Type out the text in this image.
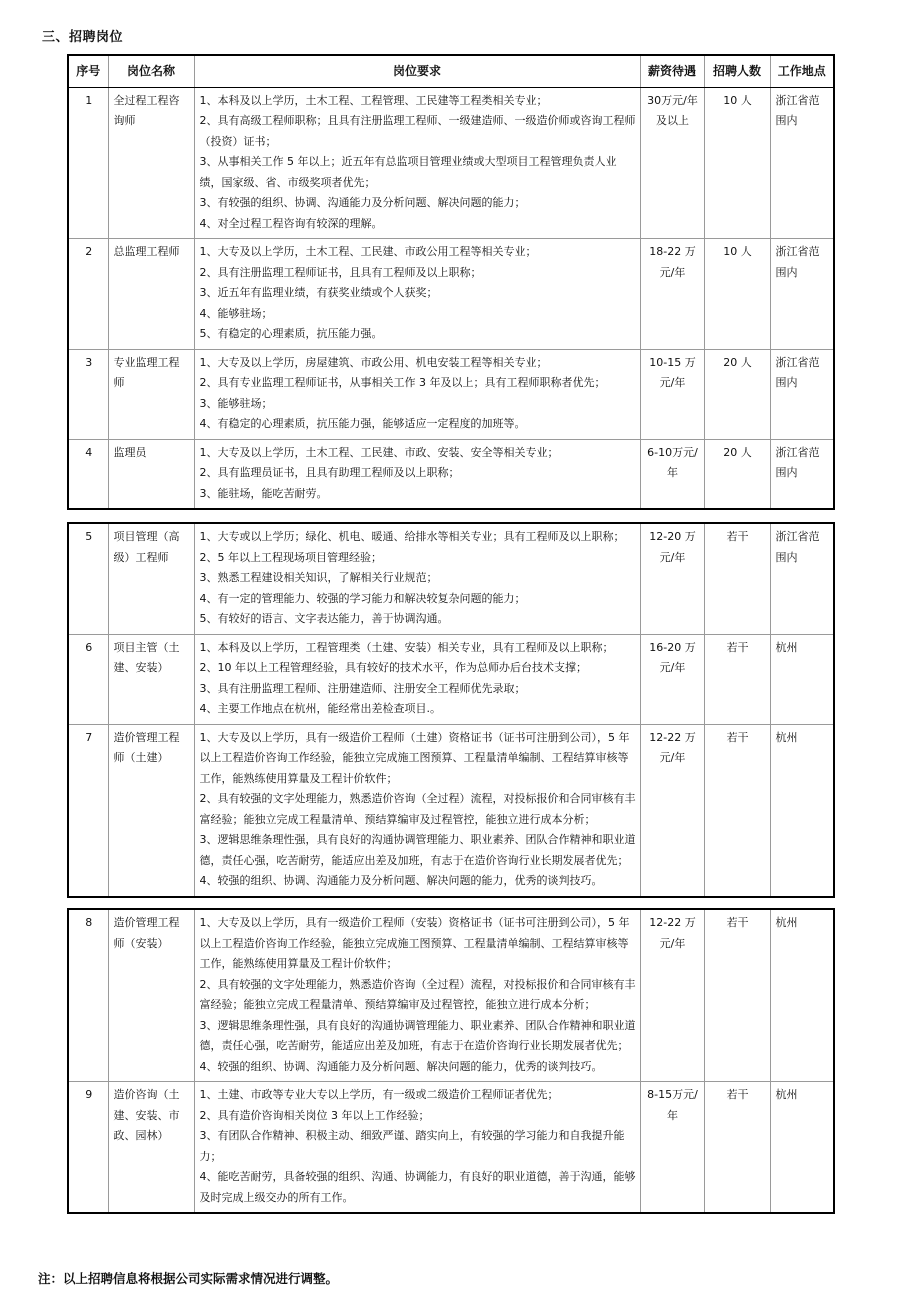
三、招聘岗位
序号	岗位名称	岗位要求	薪资待遇	招聘人数	工作地点
1	全过程工程咨询师	1、本科及以上学历，土木工程、工程管理、工民建等工程类相关专业；
2、具有高级工程师职称；且具有注册监理工程师、一级建造师、一级造价师或咨询工程师（投资）证书；
3、从事相关工作 5 年以上；近五年有总监项目管理业绩或大型项目工程管理负责人业绩，国家级、省、市级奖项者优先；
3、有较强的组织、协调、沟通能力及分析问题、解决问题的能力；
4、对全过程工程咨询有较深的理解。	30万元/年及以上	10 人	浙江省范围内
2	总监理工程师	1、大专及以上学历，土木工程、工民建、市政公用工程等相关专业；
2、具有注册监理工程师证书，且具有工程师及以上职称；
3、近五年有监理业绩，有获奖业绩或个人获奖；
4、能够驻场；
5、有稳定的心理素质，抗压能力强。	18-22 万元/年	10 人	浙江省范围内
3	专业监理工程师	1、大专及以上学历，房屋建筑、市政公用、机电安装工程等相关专业；
2、具有专业监理工程师证书，从事相关工作 3 年及以上；具有工程师职称者优先；
3、能够驻场；
4、有稳定的心理素质，抗压能力强，能够适应一定程度的加班等。	10-15 万元/年	20 人	浙江省范围内
4	监理员	1、大专及以上学历，土木工程、工民建、市政、安装、安全等相关专业；
2、具有监理员证书，且具有助理工程师及以上职称；
3、能驻场，能吃苦耐劳。	6-10万元/年	20 人	浙江省范围内
5	项目管理（高级）工程师	1、大专或以上学历；绿化、机电、暖通、给排水等相关专业；具有工程师及以上职称；
2、5 年以上工程现场项目管理经验；
3、熟悉工程建设相关知识，了解相关行业规范；
4、有一定的管理能力、较强的学习能力和解决较复杂问题的能力；
5、有较好的语言、文字表达能力，善于协调沟通。	12-20 万元/年	若干	浙江省范围内
6	项目主管（土建、安装）	1、本科及以上学历，工程管理类（土建、安装）相关专业，具有工程师及以上职称；
2、10 年以上工程管理经验，具有较好的技术水平，作为总师办后台技术支撑；
3、具有注册监理工程师、注册建造师、注册安全工程师优先录取；
4、主要工作地点在杭州，能经常出差检查项目.。	16-20 万元/年	若干	杭州
7	造价管理工程师（土建）	1、大专及以上学历，具有一级造价工程师（土建）资格证书（证书可注册到公司），5 年以上工程造价咨询工作经验，能独立完成施工图预算、工程量清单编制、工程结算审核等工作，能熟练使用算量及工程计价软件；
2、具有较强的文字处理能力，熟悉造价咨询（全过程）流程，对投标报价和合同审核有丰富经验；能独立完成工程量清单、预结算编审及过程管控，能独立进行成本分析；
3、逻辑思维条理性强，具有良好的沟通协调管理能力、职业素养、团队合作精神和职业道德，责任心强，吃苦耐劳，能适应出差及加班，有志于在造价咨询行业长期发展者优先；
4、较强的组织、协调、沟通能力及分析问题、解决问题的能力，优秀的谈判技巧。	12-22 万元/年	若干	杭州
8	造价管理工程师（安装）	1、大专及以上学历，具有一级造价工程师（安装）资格证书（证书可注册到公司），5 年以上工程造价咨询工作经验，能独立完成施工图预算、工程量清单编制、工程结算审核等工作，能熟练使用算量及工程计价软件；
2、具有较强的文字处理能力，熟悉造价咨询（全过程）流程，对投标报价和合同审核有丰富经验；能独立完成工程量清单、预结算编审及过程管控，能独立进行成本分析；
3、逻辑思维条理性强，具有良好的沟通协调管理能力、职业素养、团队合作精神和职业道德，责任心强，吃苦耐劳，能适应出差及加班，有志于在造价咨询行业长期发展者优先；
4、较强的组织、协调、沟通能力及分析问题、解决问题的能力，优秀的谈判技巧。	12-22 万元/年	若干	杭州
9	造价咨询（土建、安装、市政、园林）	1、土建、市政等专业大专以上学历，有一级或二级造价工程师证者优先；
2、具有造价咨询相关岗位 3 年以上工作经验；
3、有团队合作精神、积极主动、细致严谨、踏实向上，有较强的学习能力和自我提升能力；
4、能吃苦耐劳，具备较强的组织、沟通、协调能力，有良好的职业道德，善于沟通，能够及时完成上级交办的所有工作。	8-15万元/年	若干	杭州
注：以上招聘信息将根据公司实际需求情况进行调整。
